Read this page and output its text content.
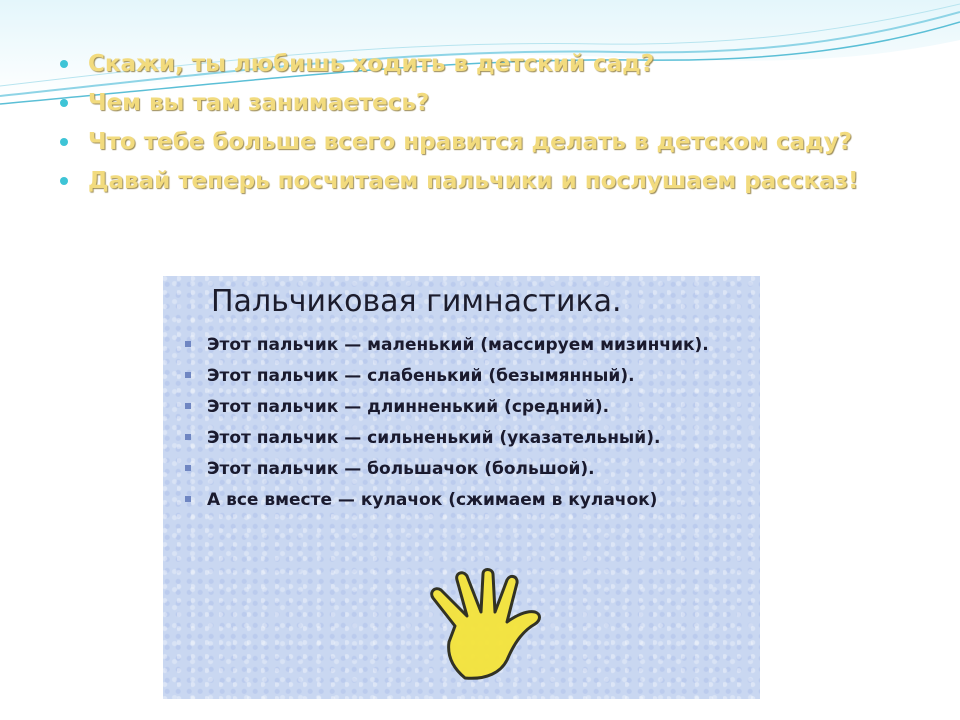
Скажи, ты любишь ходить в детский сад?
Чем вы там занимаетесь?
Что тебе больше всего нравится делать в детском саду?
Давай теперь посчитаем пальчики и послушаем рассказ!
Пальчиковая гимнастика.
Этот пальчик — маленький (массируем мизинчик).
Этот пальчик — слабенький (безымянный).
Этот пальчик — длинненький (средний).
Этот пальчик — сильненький (указательный).
Этот пальчик — большачок (большой).
А все вместе — кулачок (сжимаем в кулачок)
